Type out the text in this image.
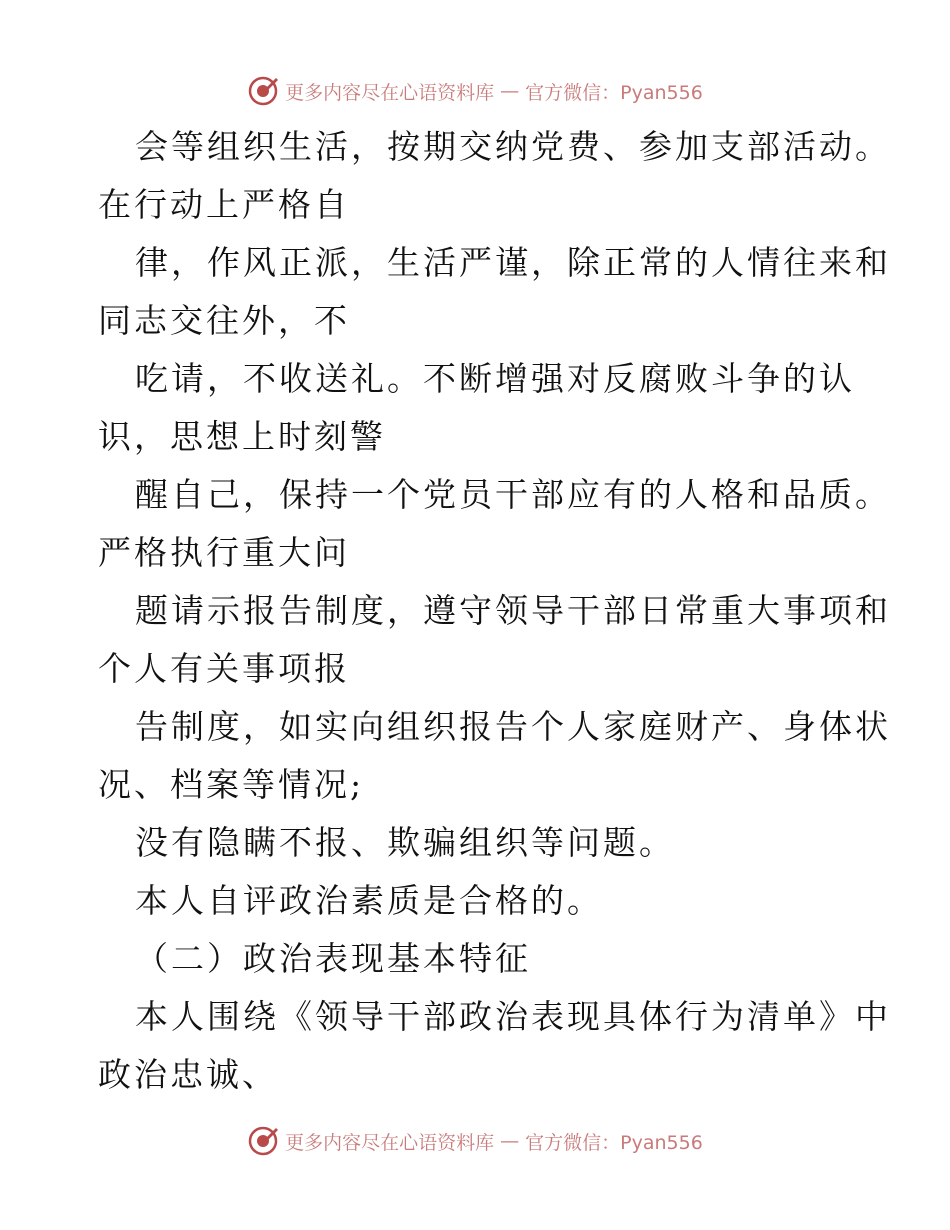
更多内容尽在心语资料库 — 官方微信：Pyan556
会等组织生活，按期交纳党费、参加支部活动。
在行动上严格自
律，作风正派，生活严谨，除正常的人情往来和
同志交往外，不
吃请，不收送礼。不断增强对反腐败斗争的认
识，思想上时刻警
醒自己，保持一个党员干部应有的人格和品质。
严格执行重大问
题请示报告制度，遵守领导干部日常重大事项和
个人有关事项报
告制度，如实向组织报告个人家庭财产、身体状
况、档案等情况;
没有隐瞒不报、欺骗组织等问题。
本人自评政治素质是合格的。
（二）政治表现基本特征
本人围绕《领导干部政治表现具体行为清单》中
政治忠诚、
更多内容尽在心语资料库 — 官方微信：Pyan556
